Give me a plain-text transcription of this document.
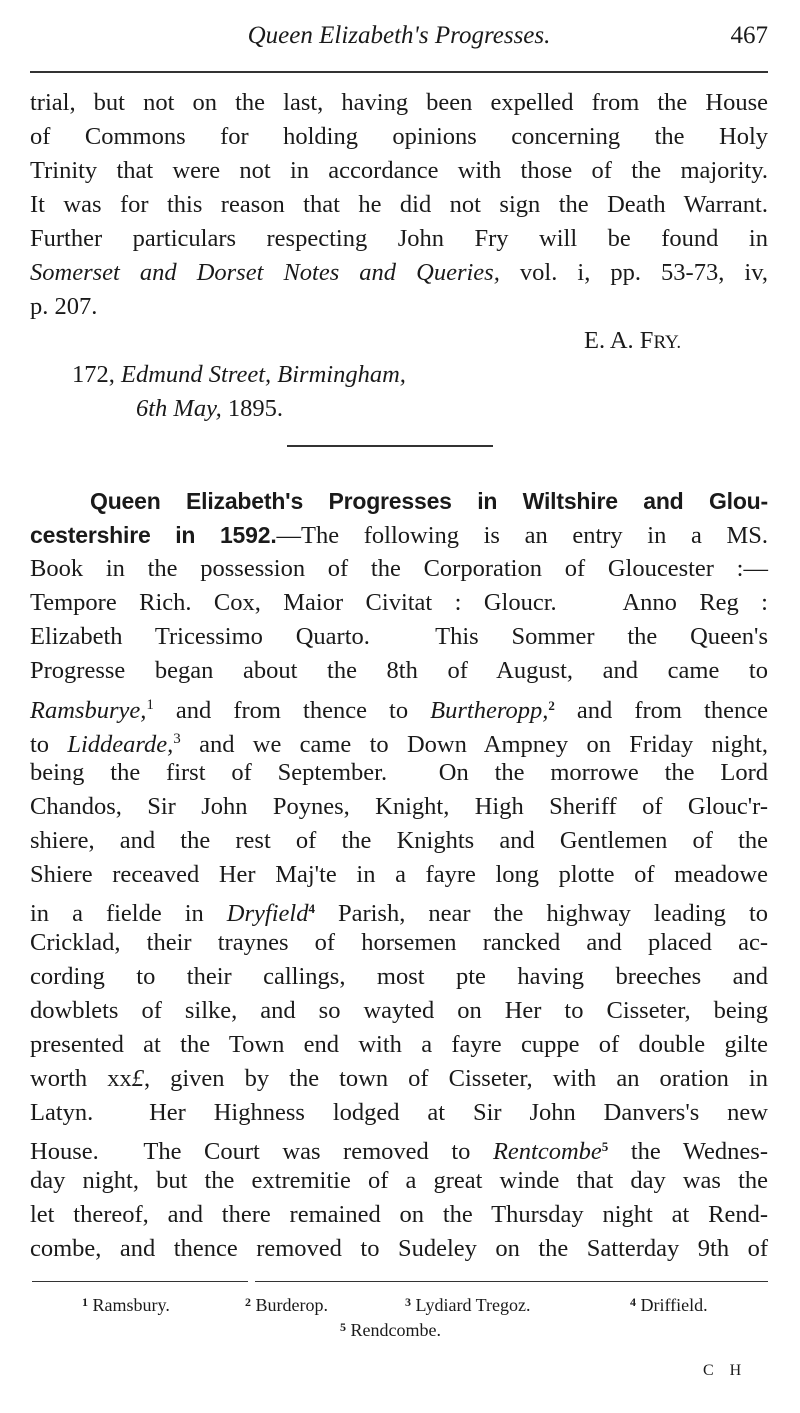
Queen Elizabeth's Progresses.	467
trial, but not on the last, having been expelled from the House
of Commons for holding opinions concerning the Holy
Trinity that were not in accordance with those of the majority.
It was for this reason that he did not sign the Death Warrant.
Further particulars respecting John Fry will be found in
Somerset and Dorset Notes and Queries, vol. i, pp. 53-73, iv,
p. 207.
E. A. FRY.
172, Edmund Street, Birmingham,
6th May, 1895.
Queen Elizabeth's Progresses in Wiltshire and Glou-
cestershire in 1592.—The following is an entry in a MS.
Book in the possession of the Corporation of Gloucester :—
Tempore Rich. Cox, Maior Civitat : Gloucr.   Anno Reg :
Elizabeth Tricessimo Quarto.  This Sommer the Queen's
Progresse began about the 8th of August, and came to
Ramsburye,$^1$ and from thence to Burtheropp,$^2$ and from thence
to Liddearde,$^3$ and we came to Down Ampney on Friday night,
being the first of September.  On the morrowe the Lord
Chandos, Sir John Poynes, Knight, High Sheriff of Glouc'r-
shiere, and the rest of the Knights and Gentlemen of the
Shiere receaved Her Maj'te in a fayre long plotte of meadowe
in a fielde in Dryfield$^4$ Parish, near the highway leading to
Cricklad, their traynes of horsemen rancked and placed ac-
cording to their callings, most pte having breeches and
dowblets of silke, and so wayted on Her to Cisseter, being
presented at the Town end with a fayre cuppe of double gilte
worth xx£, given by the town of Cisseter, with an oration in
Latyn.  Her Highness lodged at Sir John Danvers's new
House.  The Court was removed to Rentcombe$^5$ the Wednes-
day night, but the extremitie of a great winde that day was the
let thereof, and there remained on the Thursday night at Rend-
combe, and thence removed to Sudeley on the Satterday 9th of
$^1$ Ramsbury.	$^2$ Burderop.	$^3$ Lydiard Tregoz.	$^4$ Driffield.
$^5$ Rendcombe.
C H
